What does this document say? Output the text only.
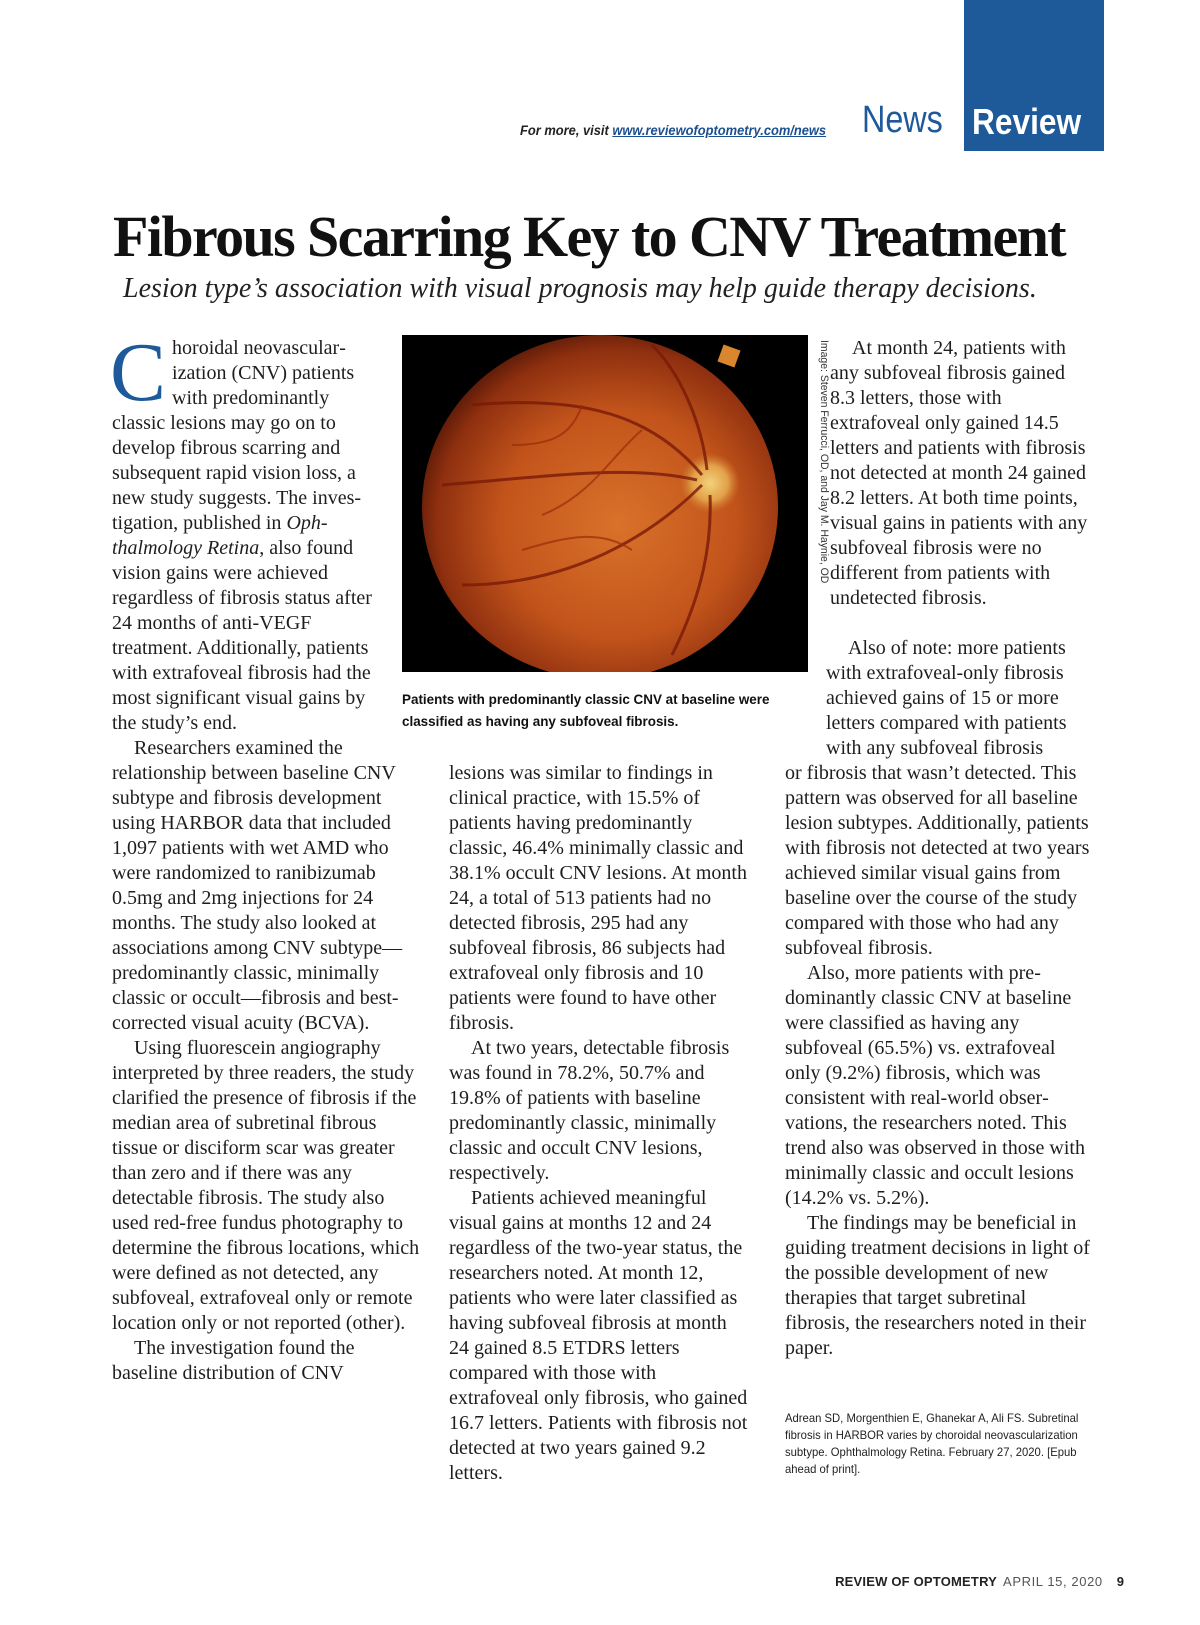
For more, visit www.reviewofoptometry.com/news News Review
Fibrous Scarring Key to CNV Treatment

Lesion type’s association with visual prognosis may help guide therapy decisions.

Choroidal neovascularization (CNV) patients with predominantly classic lesions may go on to develop fibrous scarring and subsequent rapid vision loss, a new study suggests. The investigation, published in Ophthalmology Retina, also found vision gains were achieved regardless of fibrosis status after 24 months of anti-VEGF treatment. Additionally, patients with extrafoveal fibrosis had the most significant visual gains by the study’s end.

Researchers examined the relationship between baseline CNV subtype and fibrosis development using HARBOR data that included 1,097 patients with wet AMD who were randomized to ranibizumab 0.5mg and 2mg injections for 24 months. The study also looked at associations among CNV subtype—predominantly classic, minimally classic or occult—fibrosis and best-corrected visual acuity (BCVA).

Using fluorescein angiography interpreted by three readers, the study clarified the presence of fibrosis if the median area of subretinal fibrous tissue or disciform scar was greater than zero and if there was any detectable fibrosis. The study also used red-free fundus photography to determine the fibrous locations, which were defined as not detected, any subfoveal, extrafoveal only or remote location only or not reported (other).

The investigation found the baseline distribution of CNV

Image: Steven Ferrucci, OD, and Jay M. Haynie, OD

Patients with predominantly classic CNV at baseline were classified as having any subfoveal fibrosis.

lesions was similar to findings in clinical practice, with 15.5% of patients having predominantly classic, 46.4% minimally classic and 38.1% occult CNV lesions. At month 24, a total of 513 patients had no detected fibrosis, 295 had any subfoveal fibrosis, 86 subjects had extrafoveal only fibrosis and 10 patients were found to have other fibrosis.

At two years, detectable fibrosis was found in 78.2%, 50.7% and 19.8% of patients with baseline predominantly classic, minimally classic and occult CNV lesions, respectively.

Patients achieved meaningful visual gains at months 12 and 24 regardless of the two-year status, the researchers noted. At month 12, patients who were later classified as having subfoveal fibrosis at month 24 gained 8.5 ETDRS letters compared with those with extrafoveal only fibrosis, who gained 16.7 letters. Patients with fibrosis not detected at two years gained 9.2 letters.

At month 24, patients with any subfoveal fibrosis gained 8.3 letters, those with extrafoveal only gained 14.5 letters and patients with fibrosis not detected at month 24 gained 8.2 letters. At both time points, visual gains in patients with any subfoveal fibrosis were no different from patients with undetected fibrosis.

Also of note: more patients with extrafoveal-only fibrosis achieved gains of 15 or more letters compared with patients with any subfoveal fibrosis

or fibrosis that wasn’t detected. This pattern was observed for all baseline lesion subtypes. Additionally, patients with fibrosis not detected at two years achieved similar visual gains from baseline over the course of the study compared with those who had any subfoveal fibrosis.

Also, more patients with predominantly classic CNV at baseline were classified as having any subfoveal (65.5%) vs. extrafoveal only (9.2%) fibrosis, which was consistent with real-world observations, the researchers noted. This trend also was observed in those with minimally classic and occult lesions (14.2% vs. 5.2%).

The findings may be beneficial in guiding treatment decisions in light of the possible development of new therapies that target subretinal fibrosis, the researchers noted in their paper.

Adrean SD, Morgenthien E, Ghanekar A, Ali FS. Subretinal fibrosis in HARBOR varies by choroidal neovascularization subtype. Ophthalmology Retina. February 27, 2020. [Epub ahead of print].

REVIEW OF OPTOMETRY APRIL 15, 2020 9
